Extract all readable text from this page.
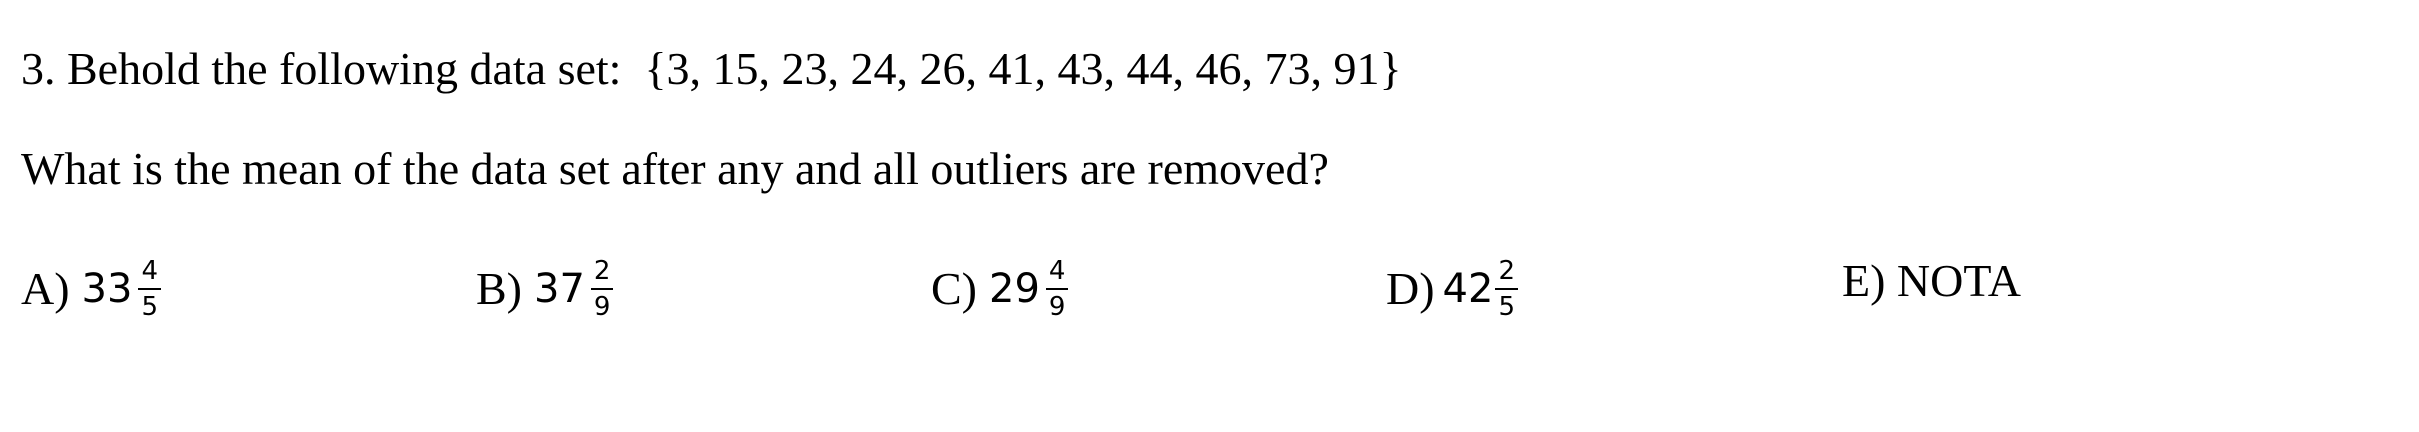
3. Behold the following data set: {3, 15, 23, 24, 26, 41, 43, 44, 46, 73, 91}
What is the mean of the data set after any and all outliers are removed?
A) $33 \frac{4}{5}$	B) $37 \frac{2}{9}$	C) $29 \frac{4}{9}$	D) $42 \frac{2}{5}$	E)
NOTA
